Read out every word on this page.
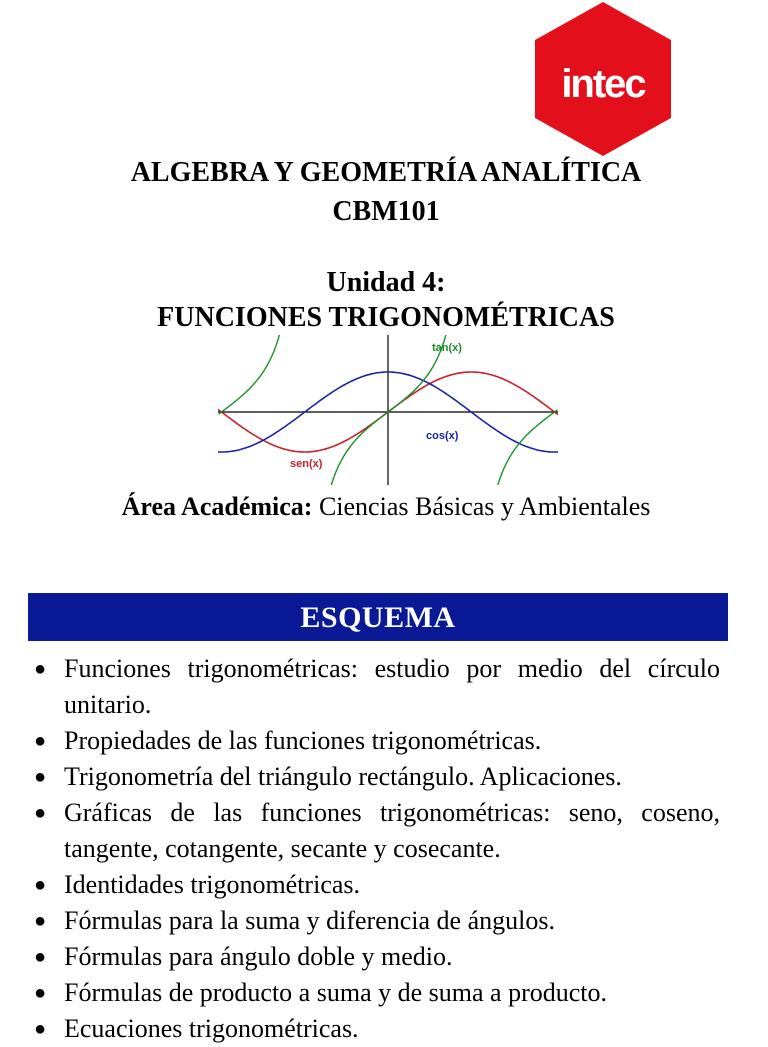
intec
ALGEBRA Y GEOMETRÍA ANALÍTICA
CBM101
Unidad 4:
FUNCIONES TRIGONOMÉTRICAS
tan(x)
cos(x)
sen(x)
Área Académica: Ciencias Básicas y Ambientales
ESQUEMA
● Funciones trigonométricas: estudio por medio del círculo unitario.
● Propiedades de las funciones trigonométricas.
● Trigonometría del triángulo rectángulo. Aplicaciones.
● Gráficas de las funciones trigonométricas: seno, coseno, tangente, cotangente, secante y cosecante.
● Identidades trigonométricas.
● Fórmulas para la suma y diferencia de ángulos.
● Fórmulas para ángulo doble y medio.
● Fórmulas de producto a suma y de suma a producto.
● Ecuaciones trigonométricas.
